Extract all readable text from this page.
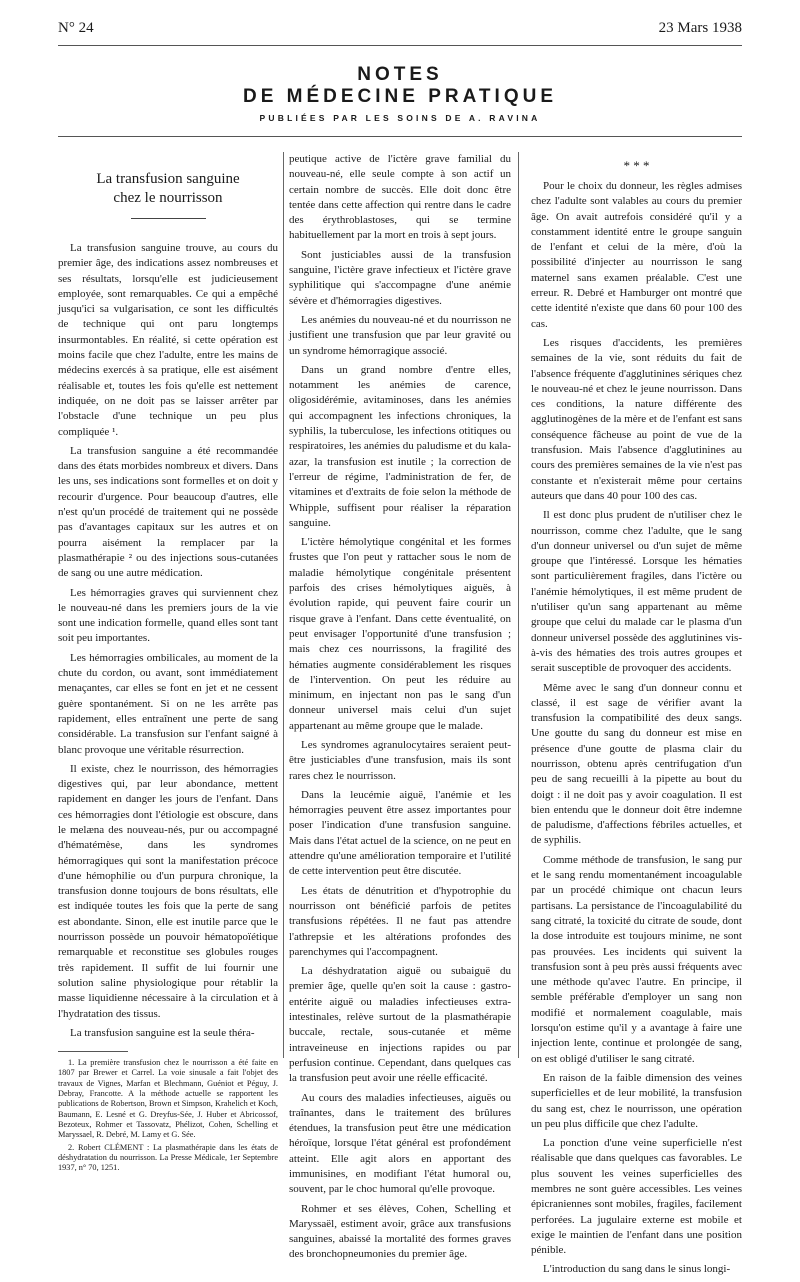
N° 24	23 Mars 1938
NOTES
DE MÉDECINE PRATIQUE
PUBLIÉES PAR LES SOINS DE A. RAVINA
La transfusion sanguine
chez le nourrisson

La transfusion sanguine trouve, au cours du premier âge, des indications assez nombreuses et ses résultats, lorsqu'elle est judicieusement employée, sont remarquables. Ce qui a empêché jusqu'ici sa vulgarisation, ce sont les difficultés de technique qui ont paru longtemps insurmontables. En réalité, si cette opération est moins facile que chez l'adulte, entre les mains de médecins exercés à sa pratique, elle est aisément réalisable et, toutes les fois qu'elle est nettement indiquée, on ne doit pas se laisser arrêter par l'obstacle d'une technique un peu plus compliquée ¹.

La transfusion sanguine a été recommandée dans des états morbides nombreux et divers. Dans les uns, ses indications sont formelles et on doit y recourir d'urgence. Pour beaucoup d'autres, elle n'est qu'un procédé de traitement qui ne possède pas d'avantages capitaux sur les autres et on pourra aisément la remplacer par la plasmathérapie ² ou des injections sous-cutanées de sang ou une autre médication.

Les hémorragies graves qui surviennent chez le nouveau-né dans les premiers jours de la vie sont une indication formelle, quand elles sont tant soit peu importantes.

Les hémorragies ombilicales, au moment de la chute du cordon, ou avant, sont immédiatement menaçantes, car elles se font en jet et ne cessent guère spontanément. Si on ne les arrête pas rapidement, elles entraînent une perte de sang considérable. La transfusion sur l'enfant saigné à blanc provoque une véritable résurrection.

Il existe, chez le nourrisson, des hémorragies digestives qui, par leur abondance, mettent rapidement en danger les jours de l'enfant. Dans ces hémorragies dont l'étiologie est obscure, dans le melæna des nouveau-nés, pur ou accompagné d'hématémèse, dans les syndromes hémorragiques qui sont la manifestation précoce d'une hémophilie ou d'un purpura chronique, la transfusion donne toujours de bons résultats, elle est indiquée toutes les fois que la perte de sang est abondante. Sinon, elle est inutile parce que le nourrisson possède un pouvoir hématopoïétique remarquable et reconstitue ses globules rouges très rapidement. Il suffit de lui fournir une solution saline physiologique pour rétablir la masse liquidienne nécessaire à la circulation et à l'hydratation des tissus.

La transfusion sanguine est la seule théra-

1. La première transfusion chez le nourrisson a été faite en 1807 par Brewer et Carrel. La voie sinusale a fait l'objet des travaux de Vignes, Marfan et Blechmann, Guéniot et Péguy, J. Debray, Francotte. A la méthode actuelle se rapportent les publications de Robertson, Brown et Simpson, Krahelich et Koch, Baumann, E. Lesné et G. Dreyfus-Sée, J. Huber et Abricossof, Bezoteux, Rohmer et Tassovatz, Phélizot, Cohen, Schelling et Maryssael, R. Debré, M. Lamy et G. Sée.

2. Robert CLÉMENT : La plasmathérapie dans les états de déshydratation du nourrisson. La Presse Médicale, 1er Septembre 1937, n° 70, 1251.

peutique active de l'ictère grave familial du nouveau-né, elle seule compte à son actif un certain nombre de succès. Elle doit donc être tentée dans cette affection qui rentre dans le cadre des érythroblastoses, qui se termine habituellement par la mort en trois à sept jours.

Sont justiciables aussi de la transfusion sanguine, l'ictère grave infectieux et l'ictère grave syphilitique qui s'accompagne d'une anémie sévère et d'hémorragies digestives.

Les anémies du nouveau-né et du nourrisson ne justifient une transfusion que par leur gravité ou un syndrome hémorragique associé.

Dans un grand nombre d'entre elles, notamment les anémies de carence, oligosidérémie, avitaminoses, dans les anémies qui accompagnent les infections chroniques, la syphilis, la tuberculose, les infections otitiques ou respiratoires, les anémies du paludisme et du kala-azar, la transfusion est inutile ; la correction de l'erreur de régime, l'administration de fer, de vitamines et d'extraits de foie selon la méthode de Whipple, suffisent pour réaliser la réparation sanguine.

L'ictère hémolytique congénital et les formes frustes que l'on peut y rattacher sous le nom de maladie hémolytique congénitale présentent parfois des crises hémolytiques aiguës, à évolution rapide, qui peuvent faire courir un risque grave à l'enfant. Dans cette éventualité, on peut envisager l'opportunité d'une transfusion ; mais chez ces nourrissons, la fragilité des hématies augmente considérablement les risques de l'intervention. On peut les réduire au minimum, en injectant non pas le sang d'un donneur universel mais celui d'un sujet appartenant au même groupe que le malade.

Les syndromes agranulocytaires seraient peut-être justiciables d'une transfusion, mais ils sont rares chez le nourrisson.

Dans la leucémie aiguë, l'anémie et les hémorragies peuvent être assez importantes pour poser l'indication d'une transfusion sanguine. Mais dans l'état actuel de la science, on ne peut en attendre qu'une amélioration temporaire et l'utilité de cette intervention peut être discutée.

Les états de dénutrition et d'hypotrophie du nourrisson ont bénéficié parfois de petites transfusions répétées. Il ne faut pas attendre l'athrepsie et les altérations profondes des parenchymes qui l'accompagnent.

La déshydratation aiguë ou subaiguë du premier âge, quelle qu'en soit la cause : gastro-entérite aiguë ou maladies infectieuses extra-intestinales, relève surtout de la plasmathérapie buccale, rectale, sous-cutanée et même intraveineuse en injections rapides ou par perfusion continue. Cependant, dans quelques cas la transfusion peut avoir une réelle efficacité.

Au cours des maladies infectieuses, aiguës ou traînantes, dans le traitement des brûlures étendues, la transfusion peut être une médication héroïque, lorsque l'état général est profondément atteint. Elle agit alors en apportant des immunisines, en modifiant l'état humoral ou, souvent, par le choc humoral qu'elle provoque.

Rohmer et ses élèves, Cohen, Schelling et Maryssaël, estiment avoir, grâce aux transfusions sanguines, abaissé la mortalité des formes graves des bronchopneumonies du premier âge.

* * *

Pour le choix du donneur, les règles admises chez l'adulte sont valables au cours du premier âge. On avait autrefois considéré qu'il y a constamment identité entre le groupe sanguin de l'enfant et celui de la mère, d'où la possibilité d'injecter au nourrisson le sang maternel sans examen préalable. C'est une erreur. R. Debré et Hamburger ont montré que cette identité n'existe que dans 60 pour 100 des cas.

Les risques d'accidents, les premières semaines de la vie, sont réduits du fait de l'absence fréquente d'agglutinines sériques chez le nouveau-né et chez le jeune nourrisson. Dans ces conditions, la nature différente des agglutinogènes de la mère et de l'enfant est sans conséquence fâcheuse au point de vue de la transfusion. Mais l'absence d'agglutinines au cours des premières semaines de la vie n'est pas constante et n'existerait même pour certains auteurs que dans 40 pour 100 des cas.

Il est donc plus prudent de n'utiliser chez le nourrisson, comme chez l'adulte, que le sang d'un donneur universel ou d'un sujet de même groupe que l'intéressé. Lorsque les hématies sont particulièrement fragiles, dans l'ictère ou l'anémie hémolytiques, il est même prudent de n'utiliser qu'un sang appartenant au même groupe que celui du malade car le plasma d'un donneur universel possède des agglutinines vis-à-vis des hématies des trois autres groupes et serait susceptible de provoquer des accidents.

Même avec le sang d'un donneur connu et classé, il est sage de vérifier avant la transfusion la compatibilité des deux sangs. Une goutte du sang du donneur est mise en présence d'une goutte de plasma clair du nourrisson, obtenu après centrifugation d'un peu de sang recueilli à la pipette au bout du doigt : il ne doit pas y avoir coagulation. Il est bien entendu que le donneur doit être indemne de paludisme, d'affections fébriles actuelles, et de syphilis.

Comme méthode de transfusion, le sang pur et le sang rendu momentanément incoagulable par un procédé chimique ont chacun leurs partisans. La persistance de l'incoagulabilité du sang citraté, la toxicité du citrate de soude, dont la dose introduite est toujours minime, ne sont pas prouvées. Les incidents qui suivent la transfusion sont à peu près aussi fréquents avec une méthode qu'avec l'autre. En principe, il semble préférable d'employer un sang non modifié et normalement coagulable, mais lorsqu'on estime qu'il y a avantage à faire une injection lente, continue et prolongée de sang, on est obligé d'utiliser le sang citraté.

En raison de la faible dimension des veines superficielles et de leur mobilité, la transfusion du sang est, chez le nourrisson, une opération un peu plus difficile que chez l'adulte.

La ponction d'une veine superficielle n'est réalisable que dans quelques cas favorables. Le plus souvent les veines superficielles des membres ne sont guère accessibles. Les veines épicraniennes sont mobiles, fragiles, facilement perforées. La jugulaire externe est mobile et exige le maintien de l'enfant dans une position pénible.

L'introduction du sang dans le sinus longi-
